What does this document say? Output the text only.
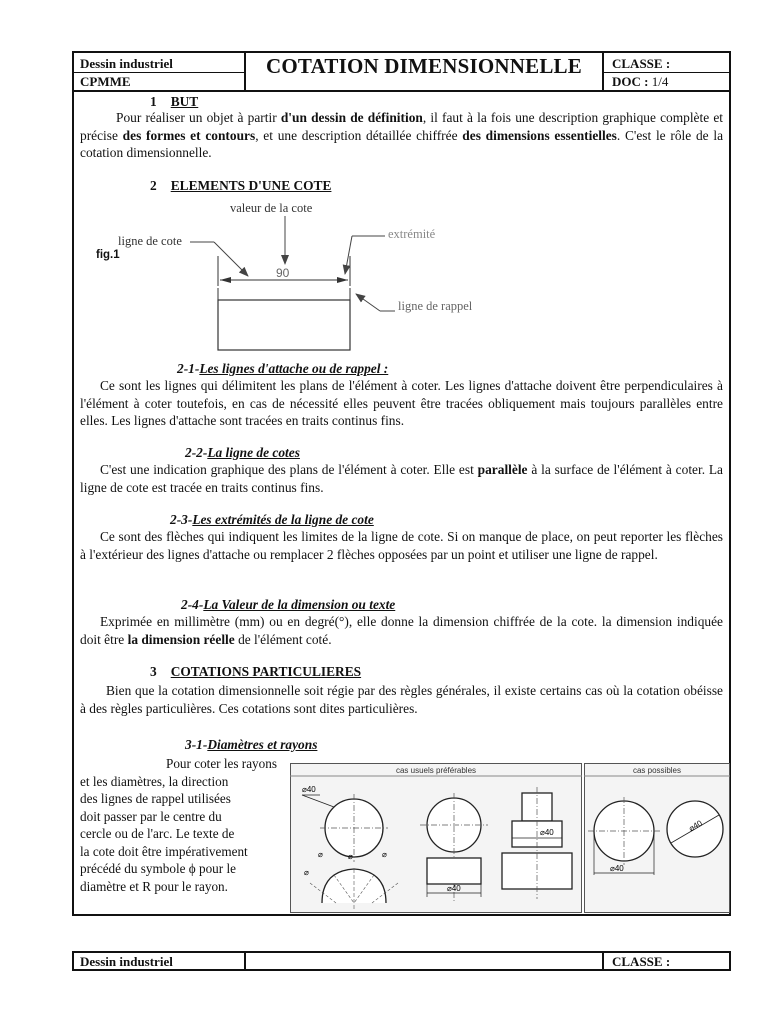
Dessin industriel
CPMME
COTATION DIMENSIONNELLE	CLASSE :
DOC : 1/4
1 BUT
Pour réaliser un objet à partir d'un dessin de définition, il faut à la fois une description graphique complète et précise des formes et contours, et une description détaillée chiffrée des dimensions essentielles. C'est le rôle de la cotation dimensionnelle.
2 ELEMENTS D'UNE COTE
valeur de la cote
extrémité
ligne de cote
ligne de rappel
90
fig.1
2-1-Les lignes d'attache ou de rappel :
Ce sont les lignes qui délimitent les plans de l'élément à coter. Les lignes d'attache doivent être perpendiculaires à l'élément à coter toutefois, en cas de nécessité elles peuvent être tracées obliquement mais toujours parallèles entre elles. Les lignes d'attache sont tracées en traits continus fins.
2-2-La ligne de cotes
C'est une indication graphique des plans de l'élément à coter. Elle est parallèle à la surface de l'élément à coter. La ligne de cote est tracée en traits continus fins.
2-3-Les extrémités de la ligne de cote
Ce sont des flèches qui indiquent les limites de la ligne de cote. Si on manque de place, on peut reporter les flèches à l'extérieur des lignes d'attache ou remplacer 2 flèches opposées par un point et utiliser une ligne de rappel.
2-4-La Valeur de la dimension ou texte
Exprimée en millimètre (mm) ou en degré(°), elle donne la dimension chiffrée de la cote. la dimension indiquée doit être la dimension réelle de l'élément coté.
3 COTATIONS PARTICULIERES
Bien que la cotation dimensionnelle soit régie par des règles générales, il existe certains cas où la cotation obéisse à des règles particulières. Ces cotations sont dites particulières.
3-1-Diamètres et rayons
Pour coter les rayons
et les diamètres, la direction
des lignes de rappel utilisées
doit passer par le centre du
cercle ou de l'arc. Le texte de
la cote doit être impérativement
précédé du symbole ϕ pour le
diamètre et R pour le rayon.
cas usuels préférables	cas possibles
⌀40
⌀	⌀	⌀
⌀
⌀40
⌀40
⌀40
⌀40
Dessin industriel	CLASSE :
